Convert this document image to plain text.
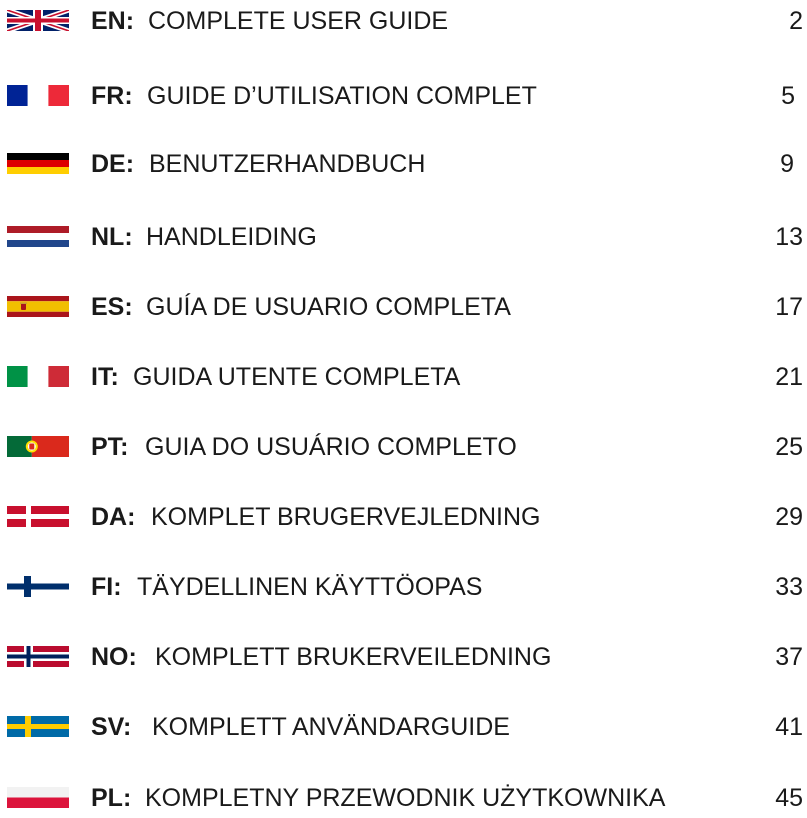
EN: COMPLETE USER GUIDE	2
FR: GUIDE D’UTILISATION COMPLET	5
DE: BENUTZERHANDBUCH	9
NL: HANDLEIDING	13
ES: GUÍA DE USUARIO COMPLETA	17
IT: GUIDA UTENTE COMPLETA	21
PT: GUIA DO USUÁRIO COMPLETO	25
DA: KOMPLET BRUGERVEJLEDNING	29
FI: TÄYDELLINEN KÄYTTÖOPAS	33
NO: KOMPLETT BRUKERVEILEDNING	37
SV: KOMPLETT ANVÄNDARGUIDE	41
PL: KOMPLETNY PRZEWODNIK UŻYTKOWNIKA	45
